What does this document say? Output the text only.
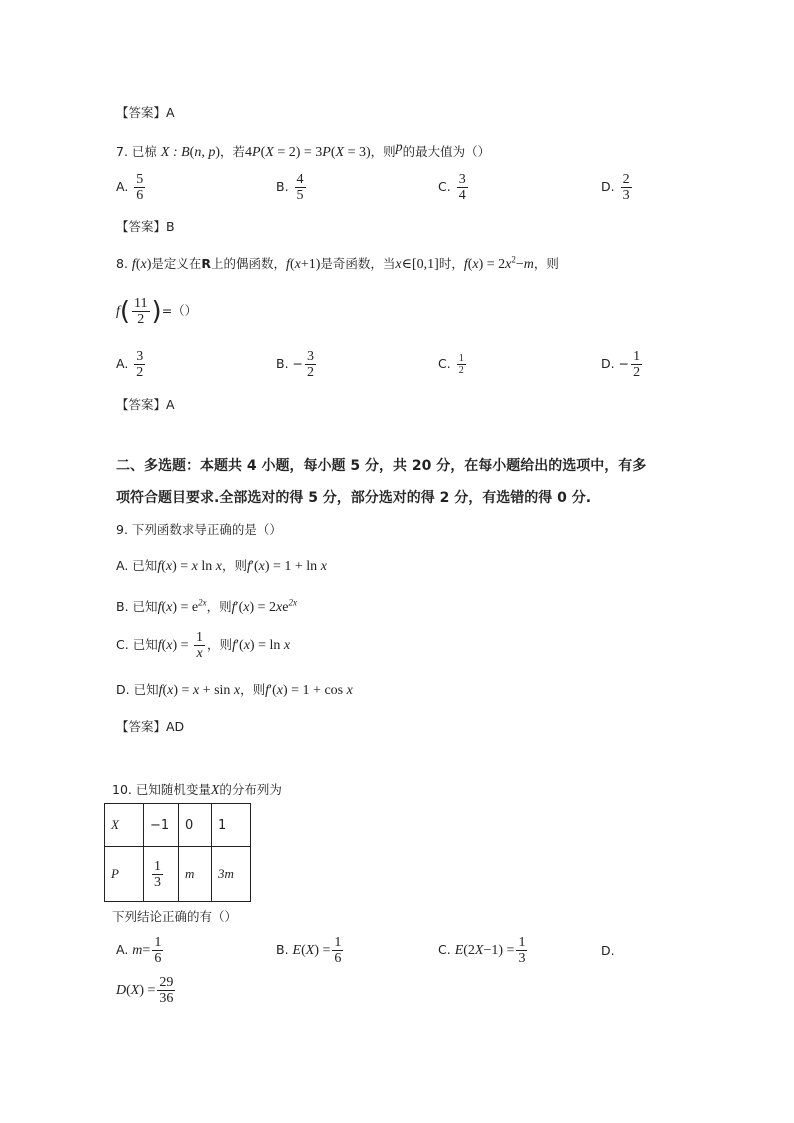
【答案】A
7. 已椋 X : B(n, p)，若4P(X = 2) = 3P(X = 3)，则$^p$的最大值为（）
A. $\frac{5}{6}$	B. $\frac{4}{5}$	C. $\frac{3}{4}$	D. $\frac{2}{3}$
【答案】B
8. f(x)是定义在R上的偶函数，f(x+1)是奇函数，当x∈[0,1]时，$f(x) = 2x^2-m$，则
$f( \frac{11}{2}$ )=（）
A. $\frac{3}{2}$	B. − $\frac{3}{2}$	C. $\frac{1}{2}$	D. − $\frac{1}{2}$
【答案】A
二、多选题：本题共 4 小题，每小题 5 分，共 20 分，在每小题给出的选项中，有多
项符合题目要求.全部选对的得 5 分，部分选对的得 2 分，有选错的得 0 分.
9. 下列函数求导正确的是（）
A. 已知f(x) = x ln x，则f′(x) = 1 + ln x
B. 已知$f(x) = e^{2x}$，则$f'(x) = 2xe^{2x}$
C. 已知$f(x) = \frac{1}{x}$ ，则f′(x) = ln x
D. 已知f(x) = x + sin x，则f′(x) = 1 + cos x
【答案】AD
10. 已知随机变量X的分布列为
X	−1	0	1
P	$\frac{1}{3}$	m	3m
下列结论正确的有（）
A. $m= \frac{1}{6}$	B. $E(X) = \frac{1}{6}$	C. $E(2X-1) = \frac{1}{3}$	D.
$D(X) = \frac{29}{36}$
